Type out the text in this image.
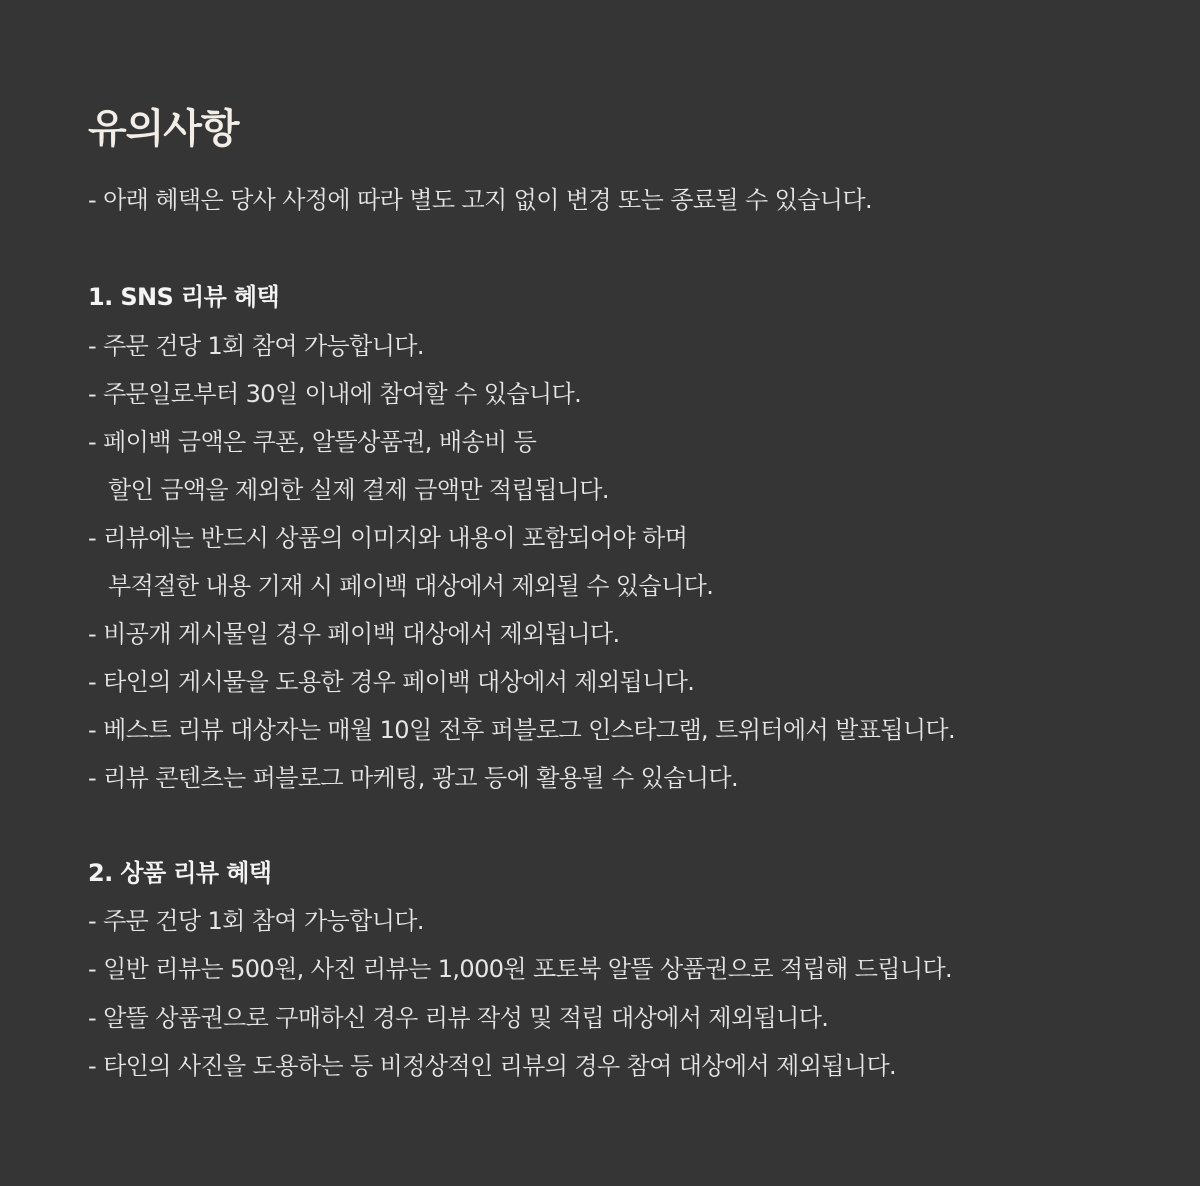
유의사항
- 아래 혜택은 당사 사정에 따라 별도 고지 없이 변경 또는 종료될 수 있습니다.
1. SNS 리뷰 혜택
- 주문 건당 1회 참여 가능합니다.
- 주문일로부터 30일 이내에 참여할 수 있습니다.
- 페이백 금액은 쿠폰, 알뜰상품권, 배송비 등
할인 금액을 제외한 실제 결제 금액만 적립됩니다.
- 리뷰에는 반드시 상품의 이미지와 내용이 포함되어야 하며
부적절한 내용 기재 시 페이백 대상에서 제외될 수 있습니다.
- 비공개 게시물일 경우 페이백 대상에서 제외됩니다.
- 타인의 게시물을 도용한 경우 페이백 대상에서 제외됩니다.
- 베스트 리뷰 대상자는 매월 10일 전후 퍼블로그 인스타그램, 트위터에서 발표됩니다.
- 리뷰 콘텐츠는 퍼블로그 마케팅, 광고 등에 활용될 수 있습니다.
2. 상품 리뷰 혜택
- 주문 건당 1회 참여 가능합니다.
- 일반 리뷰는 500원, 사진 리뷰는 1,000원 포토북 알뜰 상품권으로 적립해 드립니다.
- 알뜰 상품권으로 구매하신 경우 리뷰 작성 및 적립 대상에서 제외됩니다.
- 타인의 사진을 도용하는 등 비정상적인 리뷰의 경우 참여 대상에서 제외됩니다.
